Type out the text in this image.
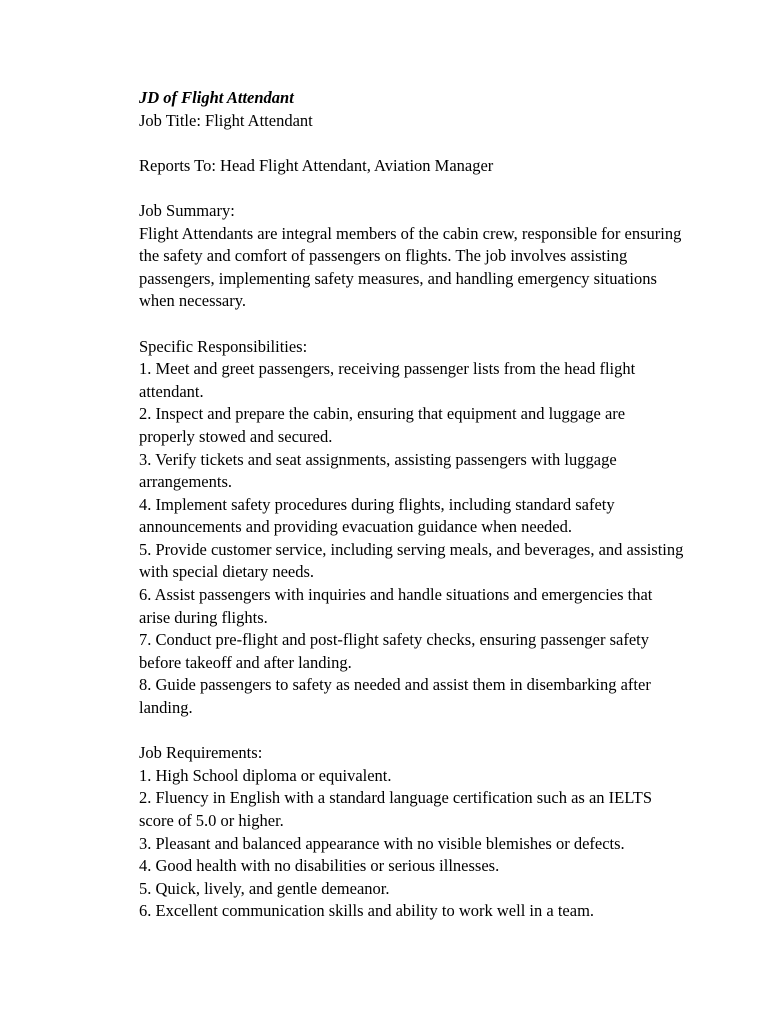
JD of Flight Attendant

Job Title: Flight Attendant

Reports To: Head Flight Attendant, Aviation Manager

Job Summary:

Flight Attendants are integral members of the cabin crew, responsible for ensuring the safety and comfort of passengers on flights. The job involves assisting passengers, implementing safety measures, and handling emergency situations when necessary.

Specific Responsibilities:

1. Meet and greet passengers, receiving passenger lists from the head flight attendant.
2. Inspect and prepare the cabin, ensuring that equipment and luggage are properly stowed and secured.
3. Verify tickets and seat assignments, assisting passengers with luggage arrangements.
4. Implement safety procedures during flights, including standard safety announcements and providing evacuation guidance when needed.
5. Provide customer service, including serving meals, and beverages, and assisting with special dietary needs.
6. Assist passengers with inquiries and handle situations and emergencies that arise during flights.
7. Conduct pre-flight and post-flight safety checks, ensuring passenger safety before takeoff and after landing.
8. Guide passengers to safety as needed and assist them in disembarking after landing.

Job Requirements:

1. High School diploma or equivalent.
2. Fluency in English with a standard language certification such as an IELTS score of 5.0 or higher.
3. Pleasant and balanced appearance with no visible blemishes or defects.
4. Good health with no disabilities or serious illnesses.
5. Quick, lively, and gentle demeanor.
6. Excellent communication skills and ability to work well in a team.
